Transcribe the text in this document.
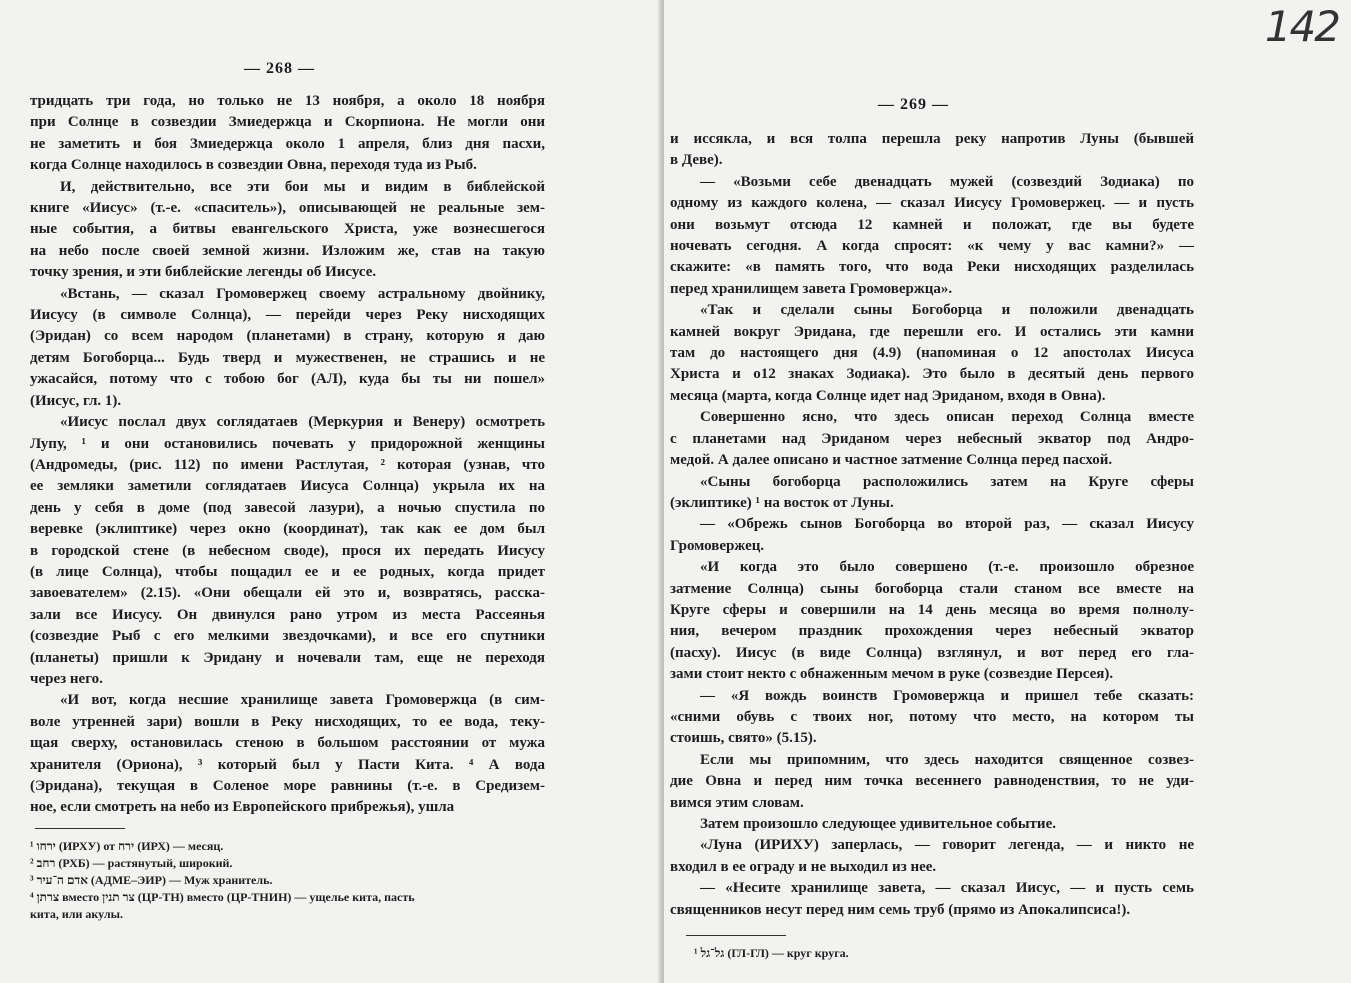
— 268 —
тридцать три года, но только не 13 ноября, а около 18 ноября
при Солнце в созвездии Змиедержца и Скорпиона. Не могли они
не заметить и боя Змиедержца около 1 апреля, близ дня пасхи,
когда Солнце находилось в созвездии Овна, переходя туда из Рыб.
И, действительно, все эти бои мы и видим в библейской
книге «Иисус» (т.-е. «спаситель»), описывающей не реальные зем-
ные события, а битвы евангельского Христа, уже вознесшегося
на небо после своей земной жизни. Изложим же, став на такую
точку зрения, и эти библейские легенды об Иисусе.
«Встань, — сказал Громовержец своему астральному двойнику,
Иисусу (в символе Солнца), — перейди через Реку нисходящих
(Эридан) со всем народом (планетами) в страну, которую я даю
детям Богоборца... Будь тверд и мужественен, не страшись и не
ужасайся, потому что с тобою бог (АЛ), куда бы ты ни пошел»
(Иисус, гл. 1).
«Иисус послал двух соглядатаев (Меркурия и Венеру) осмотреть
Лупу, ¹ и они остановились почевать у придорожной женщины
(Андромеды, (рис. 112) по имени Растлутая, ² которая (узнав, что
ее земляки заметили соглядатаев Иисуса Солнца) укрыла их на
день у себя в доме (под завесой лазури), а ночью спустила по
веревке (эклиптике) через окно (координат), так как ее дом был
в городской стене (в небесном своде), прося их передать Иисусу
(в лице Солнца), чтобы пощадил ее и ее родных, когда придет
завоевателем» (2.15). «Они обещали ей это и, возвратясь, расска-
зали все Иисусу. Он двинулся рано утром из места Рассеянья
(созвездие Рыб с его мелкими звездочками), и все его спутники
(планеты) пришли к Эридану и ночевали там, еще не переходя
через него.
«И вот, когда несшие хранилище завета Громовержца (в сим-
воле утренней зари) вошли в Реку нисходящих, то ее вода, теку-
щая сверху, остановилась стеною в большом расстоянии от мужа
хранителя (Ориона), ³ который был у Пасти Кита. ⁴ А вода
(Эридана), текущая в Соленое море равнины (т.-е. в Средизем-
ное, если смотреть на небо из Европейского прибрежья), ушла
¹ ירחו (ИРХУ) от ירח (ИРХ) — месяц.
² רחב (РХБ) — растянутый, широкий.
³ אדם ה־עיר (АДМЕ–ЭИР) — Муж хранитель.
⁴ צרתן вместо צר תנין (ЦР-ТН) вместо (ЦР-ТНИН) — ущелье кита, пасть
кита, или акулы.
142
— 269 —
и иссякла, и вся толпа перешла реку напротив Луны (бывшей
в Деве).
— «Возьми себе двенадцать мужей (созвездий Зодиака) по
одному из каждого колена, — сказал Иисусу Громовержец. — и пусть
они возьмут отсюда 12 камней и положат, где вы будете
ночевать сегодня. А когда спросят: «к чему у вас камни?» —
скажите: «в память того, что вода Реки нисходящих разделилась
перед хранилищем завета Громовержца».
«Так и сделали сыны Богоборца и положили двенадцать
камней вокруг Эридана, где перешли его. И остались эти камни
там до настоящего дня (4.9) (напоминая о 12 апостолах Иисуса
Христа и о12 знаках Зодиака). Это было в десятый день первого
месяца (марта, когда Солнце идет над Эриданом, входя в Овна).
Совершенно ясно, что здесь описан переход Солнца вместе
с планетами над Эриданом через небесный экватор под Андро-
медой. А далее описано и частное затмение Солнца перед пасхой.
«Сыны богоборца расположились затем на Круге сферы
(эклиптике) ¹ на восток от Луны.
— «Обрежь сынов Богоборца во второй раз, — сказал Иисусу
Громовержец.
«И когда это было совершено (т.-е. произошло обрезное
затмение Солнца) сыны богоборца стали станом все вместе на
Круге сферы и совершили на 14 день месяца во время полнолу-
ния, вечером праздник прохождения через небесный экватор
(пасху). Иисус (в виде Солнца) взглянул, и вот перед его гла-
зами стоит некто с обнаженным мечом в руке (созвездие Персея).
— «Я вождь воинств Громовержца и пришел тебе сказать:
«сними обувь с твоих ног, потому что место, на котором ты
стоишь, свято» (5.15).
Если мы припомним, что здесь находится священное созвез-
дие Овна и перед ним точка весеннего равноденствия, то не уди-
вимся этим словам.
Затем произошло следующее удивительное событие.
«Луна (ИРИХУ) заперлась, — говорит легенда, — и никто не
входил в ее ограду и не выходил из нее.
— «Несите хранилище завета, — сказал Иисус, — и пусть семь
священников несут перед ним семь труб (прямо из Апокалипсиса!).
¹ גל־גל (ГЛ-ГЛ) — круг круга.
